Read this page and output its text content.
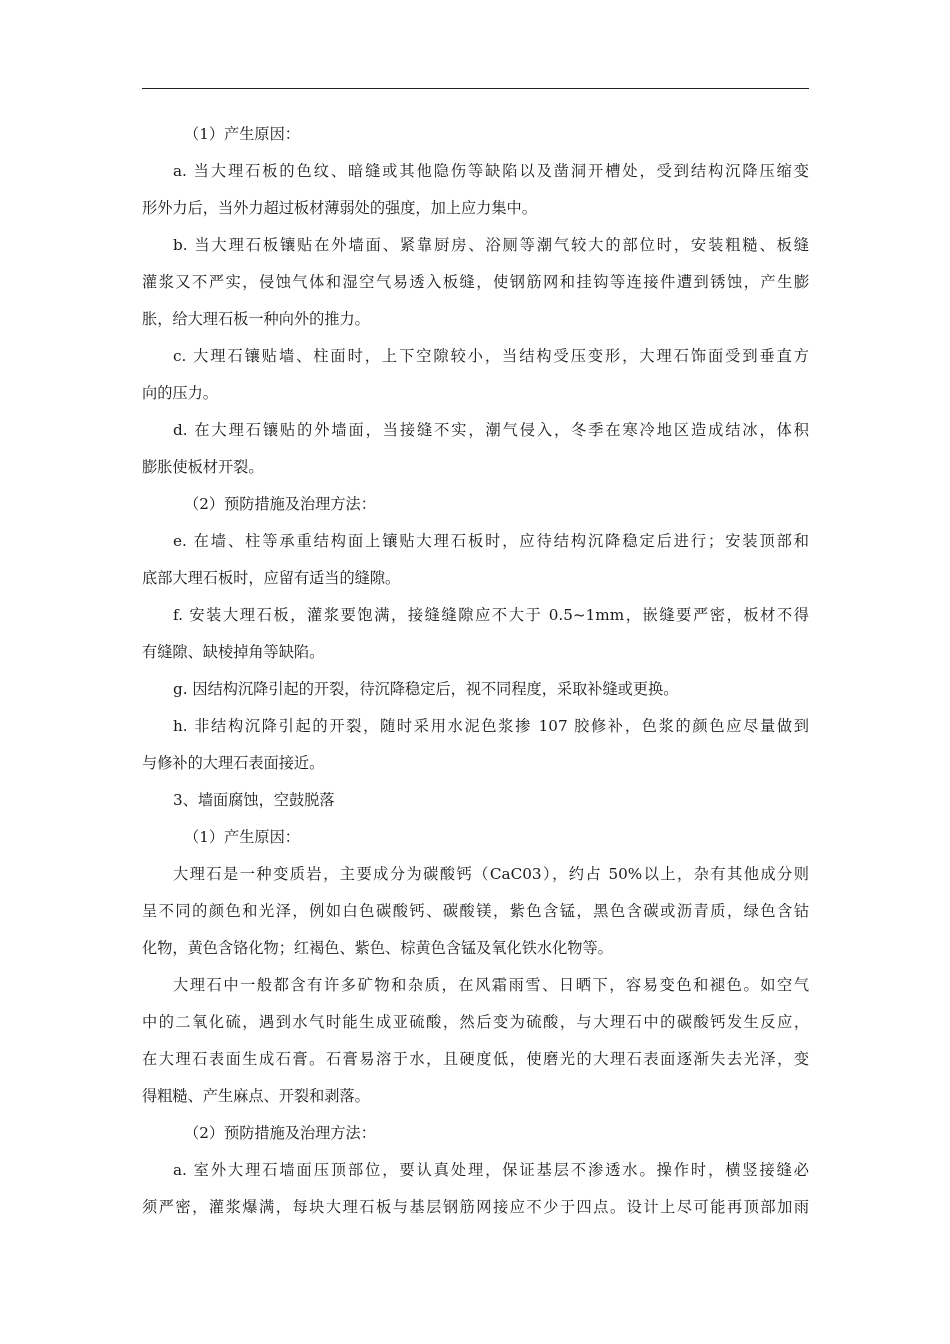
（1）产生原因：
a. 当大理石板的色纹、暗缝或其他隐伤等缺陷以及凿洞开槽处，受到结构沉降压缩变
形外力后，当外力超过板材薄弱处的强度，加上应力集中。
b. 当大理石板镶贴在外墙面、紧靠厨房、浴厕等潮气较大的部位时，安装粗糙、板缝
灌浆又不严实，侵蚀气体和湿空气易透入板缝，使钢筋网和挂钩等连接件遭到锈蚀，产生膨
胀，给大理石板一种向外的推力。
c. 大理石镶贴墙、柱面时，上下空隙较小，当结构受压变形，大理石饰面受到垂直方
向的压力。
d. 在大理石镶贴的外墙面，当接缝不实，潮气侵入，冬季在寒冷地区造成结冰，体积
膨胀使板材开裂。
（2）预防措施及治理方法：
e. 在墙、柱等承重结构面上镶贴大理石板时，应待结构沉降稳定后进行；安装顶部和
底部大理石板时，应留有适当的缝隙。
f. 安装大理石板，灌浆要饱满，接缝缝隙应不大于 0.5~1mm，嵌缝要严密，板材不得
有缝隙、缺棱掉角等缺陷。
g. 因结构沉降引起的开裂，待沉降稳定后，视不同程度，采取补缝或更换。
h. 非结构沉降引起的开裂，随时采用水泥色浆掺 107 胶修补，色浆的颜色应尽量做到
与修补的大理石表面接近。
3、墙面腐蚀，空鼓脱落
（1）产生原因：
大理石是一种变质岩，主要成分为碳酸钙（CaC03），约占 50%以上，杂有其他成分则
呈不同的颜色和光泽，例如白色碳酸钙、碳酸镁，紫色含锰，黑色含碳或沥青质，绿色含钴
化物，黄色含铬化物；红褐色、紫色、棕黄色含锰及氧化铁水化物等。
大理石中一般都含有许多矿物和杂质，在风霜雨雪、日晒下，容易变色和褪色。如空气
中的二氧化硫，遇到水气时能生成亚硫酸，然后变为硫酸，与大理石中的碳酸钙发生反应，
在大理石表面生成石膏。石膏易溶于水，且硬度低，使磨光的大理石表面逐渐失去光泽，变
得粗糙、产生麻点、开裂和剥落。
（2）预防措施及治理方法：
a. 室外大理石墙面压顶部位，要认真处理，保证基层不渗透水。操作时，横竖接缝必
须严密，灌浆爆满，每块大理石板与基层钢筋网接应不少于四点。设计上尽可能再顶部加雨
